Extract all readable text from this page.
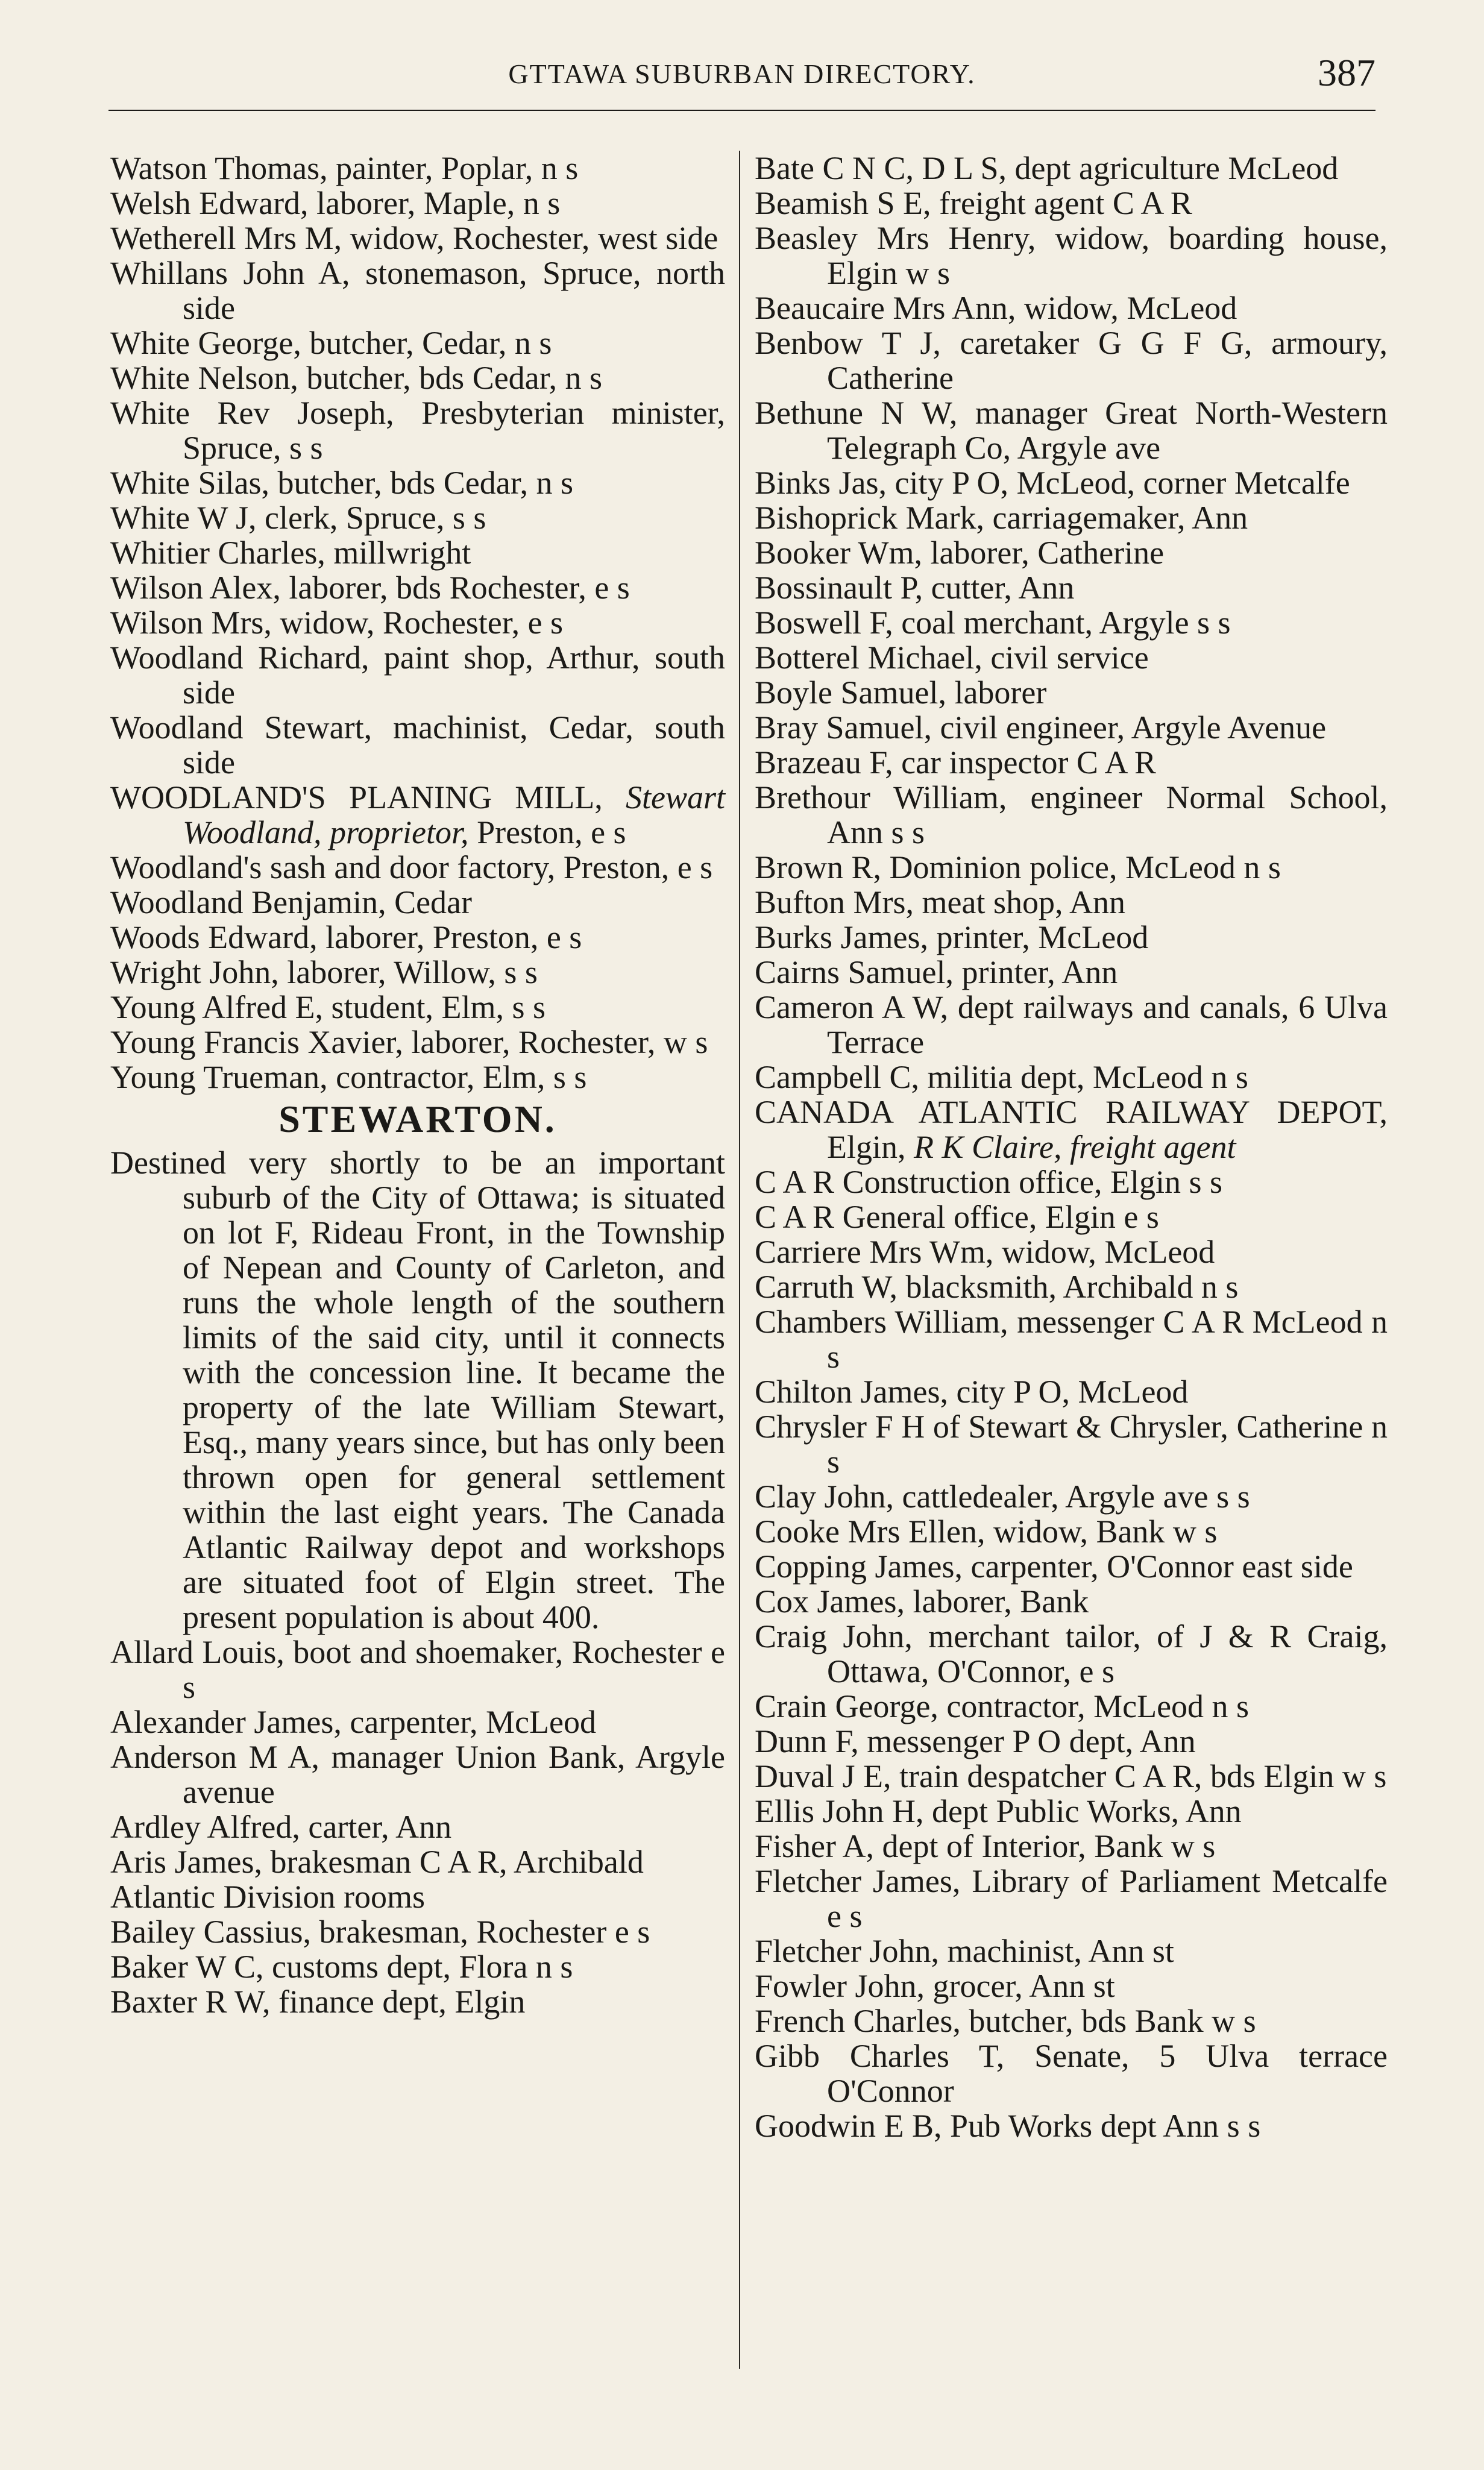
GTTAWA SUBURBAN DIRECTORY.	387
Watson Thomas, painter, Poplar, n s
Welsh Edward, laborer, Maple, n s
Wetherell Mrs M, widow, Rochester, west side
Whillans John A, stonemason, Spruce, north side
White George, butcher, Cedar, n s
White Nelson, butcher, bds Cedar, n s
White Rev Joseph, Presbyterian minister, Spruce, s s
White Silas, butcher, bds Cedar, n s
White W J, clerk, Spruce, s s
Whitier Charles, millwright
Wilson Alex, laborer, bds Rochester, e s
Wilson Mrs, widow, Rochester, e s
Woodland Richard, paint shop, Arthur, south side
Woodland Stewart, machinist, Cedar, south side
WOODLAND'S PLANING MILL, Stewart Woodland, proprietor, Preston, e s
Woodland's sash and door factory, Preston, e s
Woodland Benjamin, Cedar
Woods Edward, laborer, Preston, e s
Wright John, laborer, Willow, s s
Young Alfred E, student, Elm, s s
Young Francis Xavier, laborer, Rochester, w s
Young Trueman, contractor, Elm, s s
STEWARTON.
Destined very shortly to be an important suburb of the City of Ottawa; is situated on lot F, Rideau Front, in the Township of Nepean and County of Carleton, and runs the whole length of the southern limits of the said city, until it connects with the concession line. It became the property of the late William Stewart, Esq., many years since, but has only been thrown open for general settlement within the last eight years. The Canada Atlantic Railway depot and workshops are situated foot of Elgin street. The present population is about 400.
Allard Louis, boot and shoemaker, Rochester e s
Alexander James, carpenter, McLeod
Anderson M A, manager Union Bank, Argyle avenue
Ardley Alfred, carter, Ann
Aris James, brakesman C A R, Archibald
Atlantic Division rooms
Bailey Cassius, brakesman, Rochester e s
Baker W C, customs dept, Flora n s
Baxter R W, finance dept, Elgin
Bate C N C, D L S, dept agriculture McLeod
Beamish S E, freight agent C A R
Beasley Mrs Henry, widow, boarding house, Elgin w s
Beaucaire Mrs Ann, widow, McLeod
Benbow T J, caretaker G G F G, armoury, Catherine
Bethune N W, manager Great North-Western Telegraph Co, Argyle ave
Binks Jas, city P O, McLeod, corner Metcalfe
Bishoprick Mark, carriagemaker, Ann
Booker Wm, laborer, Catherine
Bossinault P, cutter, Ann
Boswell F, coal merchant, Argyle s s
Botterel Michael, civil service
Boyle Samuel, laborer
Bray Samuel, civil engineer, Argyle Avenue
Brazeau F, car inspector C A R
Brethour William, engineer Normal School, Ann s s
Brown R, Dominion police, McLeod n s
Bufton Mrs, meat shop, Ann
Burks James, printer, McLeod
Cairns Samuel, printer, Ann
Cameron A W, dept railways and canals, 6 Ulva Terrace
Campbell C, militia dept, McLeod n s
CANADA ATLANTIC RAILWAY DEPOT, Elgin, R K Claire, freight agent
C A R Construction office, Elgin s s
C A R General office, Elgin e s
Carriere Mrs Wm, widow, McLeod
Carruth W, blacksmith, Archibald n s
Chambers William, messenger C A R McLeod n s
Chilton James, city P O, McLeod
Chrysler F H of Stewart & Chrysler, Catherine n s
Clay John, cattledealer, Argyle ave s s
Cooke Mrs Ellen, widow, Bank w s
Copping James, carpenter, O'Connor east side
Cox James, laborer, Bank
Craig John, merchant tailor, of J & R Craig, Ottawa, O'Connor, e s
Crain George, contractor, McLeod n s
Dunn F, messenger P O dept, Ann
Duval J E, train despatcher C A R, bds Elgin w s
Ellis John H, dept Public Works, Ann
Fisher A, dept of Interior, Bank w s
Fletcher James, Library of Parliament Metcalfe e s
Fletcher John, machinist, Ann st
Fowler John, grocer, Ann st
French Charles, butcher, bds Bank w s
Gibb Charles T, Senate, 5 Ulva terrace O'Connor
Goodwin E B, Pub Works dept Ann s s
